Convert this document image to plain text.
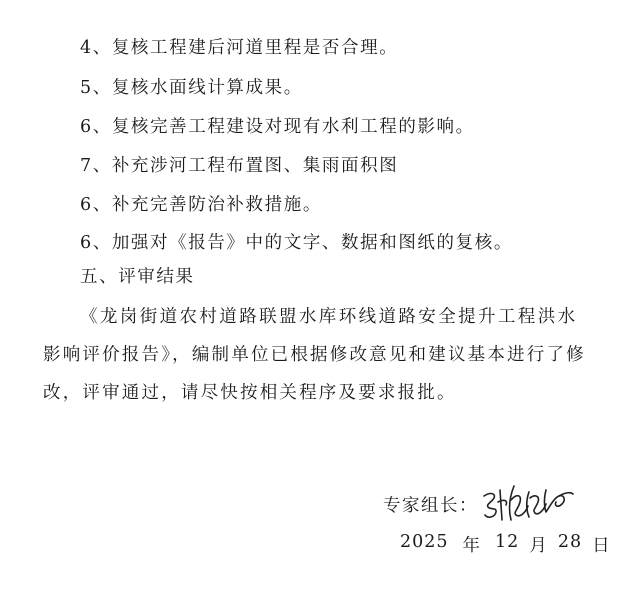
4、复核工程建后河道里程是否合理。
5、复核水面线计算成果。
6、复核完善工程建设对现有水利工程的影响。
7、补充涉河工程布置图、集雨面积图
6、补充完善防治补救措施。
6、加强对《报告》中的文字、数据和图纸的复核。
五、评审结果
《龙岗街道农村道路联盟水库环线道路安全提升工程洪水
影响评价报告》，编制单位已根据修改意见和建议基本进行了修
改，评审通过，请尽快按相关程序及要求报批。
专家组长：
2025 年 12 月 28 日
